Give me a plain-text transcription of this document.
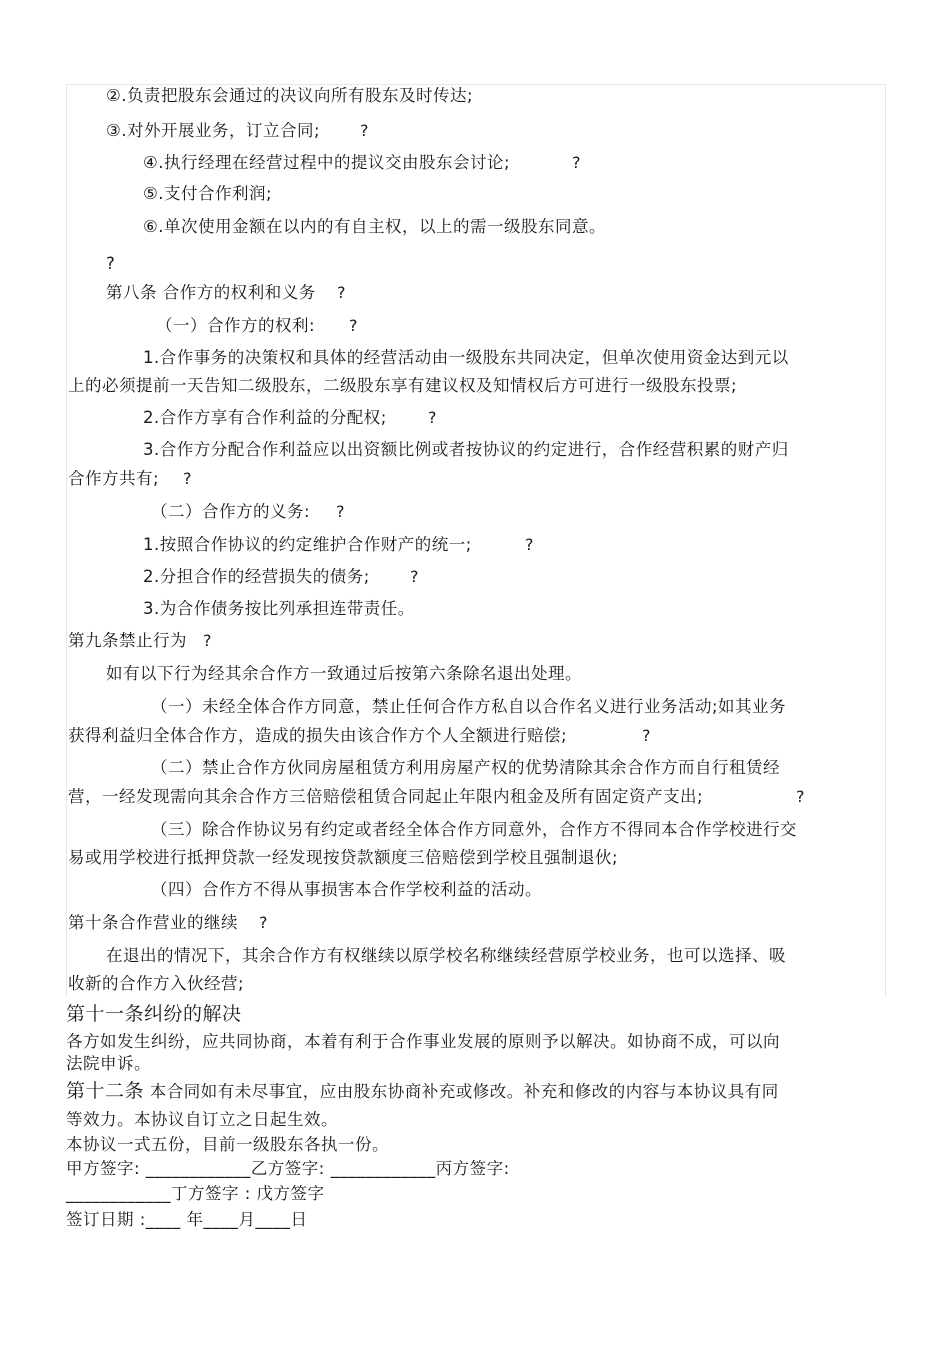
②.负责把股东会通过的决议向所有股东及时传达;
③.对外开展业务，订立合同; ?
④.执行经理在经营过程中的提议交由股东会讨论;	?
⑤.支付合作利润;
⑥.单次使用金额在以内的有自主权，以上的需一级股东同意。
?
第八条 合作方的权利和义务 ?
（一）合作方的权利: ?
1.合作事务的决策权和具体的经营活动由一级股东共同决定，但单次使用资金达到元以
上的必须提前一天告知二级股东，二级股东享有建议权及知情权后方可进行一级股东投票;
2.合作方享有合作利益的分配权;	?
3.合作方分配合作利益应以出资额比例或者按协议的约定进行，合作经营积累的财产归
合作方共有; ?
（二）合作方的义务: ?
1.按照合作协议的约定维护合作财产的统一;	?
2.分担合作的经营损失的债务;	?
3.为合作债务按比列承担连带责任。
第九条禁止行为 ?
如有以下行为经其余合作方一致通过后按第六条除名退出处理。
（一）未经全体合作方同意，禁止任何合作方私自以合作名义进行业务活动;如其业务
获得利益归全体合作方，造成的损失由该合作方个人全额进行赔偿;	?
（二）禁止合作方伙同房屋租赁方利用房屋产权的优势清除其余合作方而自行租赁经
营，一经发现需向其余合作方三倍赔偿租赁合同起止年限内租金及所有固定资产支出;	?
（三）除合作协议另有约定或者经全体合作方同意外，合作方不得同本合作学校进行交
易或用学校进行抵押贷款一经发现按贷款额度三倍赔偿到学校且强制退伙;
（四）合作方不得从事损害本合作学校利益的活动。
第十条合作营业的继续 ?
在退出的情况下，其余合作方有权继续以原学校名称继续经营原学校业务，也可以选择、吸
收新的合作方入伙经营;
第十一条纠纷的解决
各方如发生纠纷，应共同协商，本着有利于合作事业发展的原则予以解决。如协商不成，可以向
法院申诉。
第十二条 本合同如有未尽事宜，应由股东协商补充或修改。补充和修改的内容与本协议具有同
等效力。本协议自订立之日起生效。
本协议一式五份，目前一级股东各执一份。
甲方签字: ____________乙方签字: ____________丙方签字:
____________丁方签字 : 戊方签字
签订日期 :____ 年____月____日
